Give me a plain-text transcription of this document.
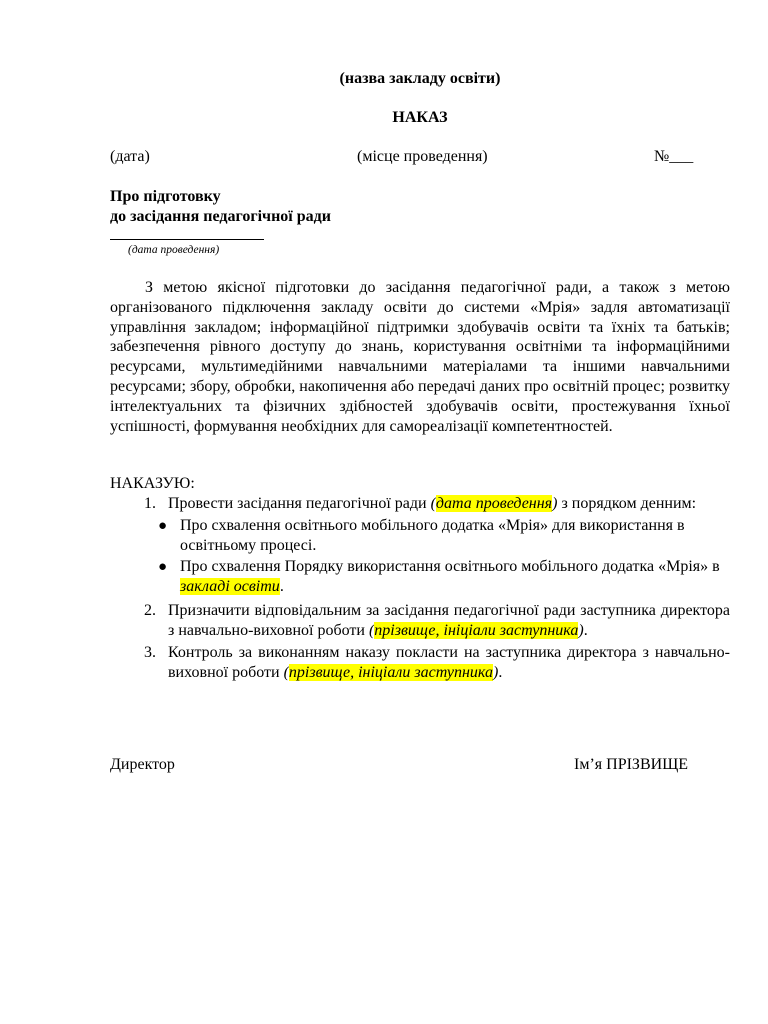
(назва закладу освіти)
НАКАЗ
(дата)	(місце проведення)	№___
Про підготовку
до засідання педагогічної ради
(дата проведення)

З метою якісної підготовки до засідання педагогічної ради, а також з метою організованого підключення закладу освіти до системи «Мрія» задля автоматизації управління закладом; інформаційної підтримки здобувачів освіти та їхніх та батьків; забезпечення рівного доступу до знань, користування освітніми та інформаційними ресурсами, мультимедійними навчальними матеріалами та іншими навчальними ресурсами; збору, обробки, накопичення або передачі даних про освітній процес; розвитку інтелектуальних та фізичних здібностей здобувачів освіти, простежування їхньої успішності, формування необхідних для самореалізації компетентностей.

НАКАЗУЮ:
1. Провести засідання педагогічної ради (дата проведення) з порядком денним:
● Про схвалення освітнього мобільного додатка «Мрія» для використання в освітньому процесі.
● Про схвалення Порядку використання освітнього мобільного додатка «Мрія» в закладі освіти.
2. Призначити відповідальним за засідання педагогічної ради заступника директора з навчально-виховної роботи (прізвище, ініціали заступника).
3. Контроль за виконанням наказу покласти на заступника директора з навчально-виховної роботи (прізвище, ініціали заступника).
Директор	Ім’я ПРІЗВИЩЕ
